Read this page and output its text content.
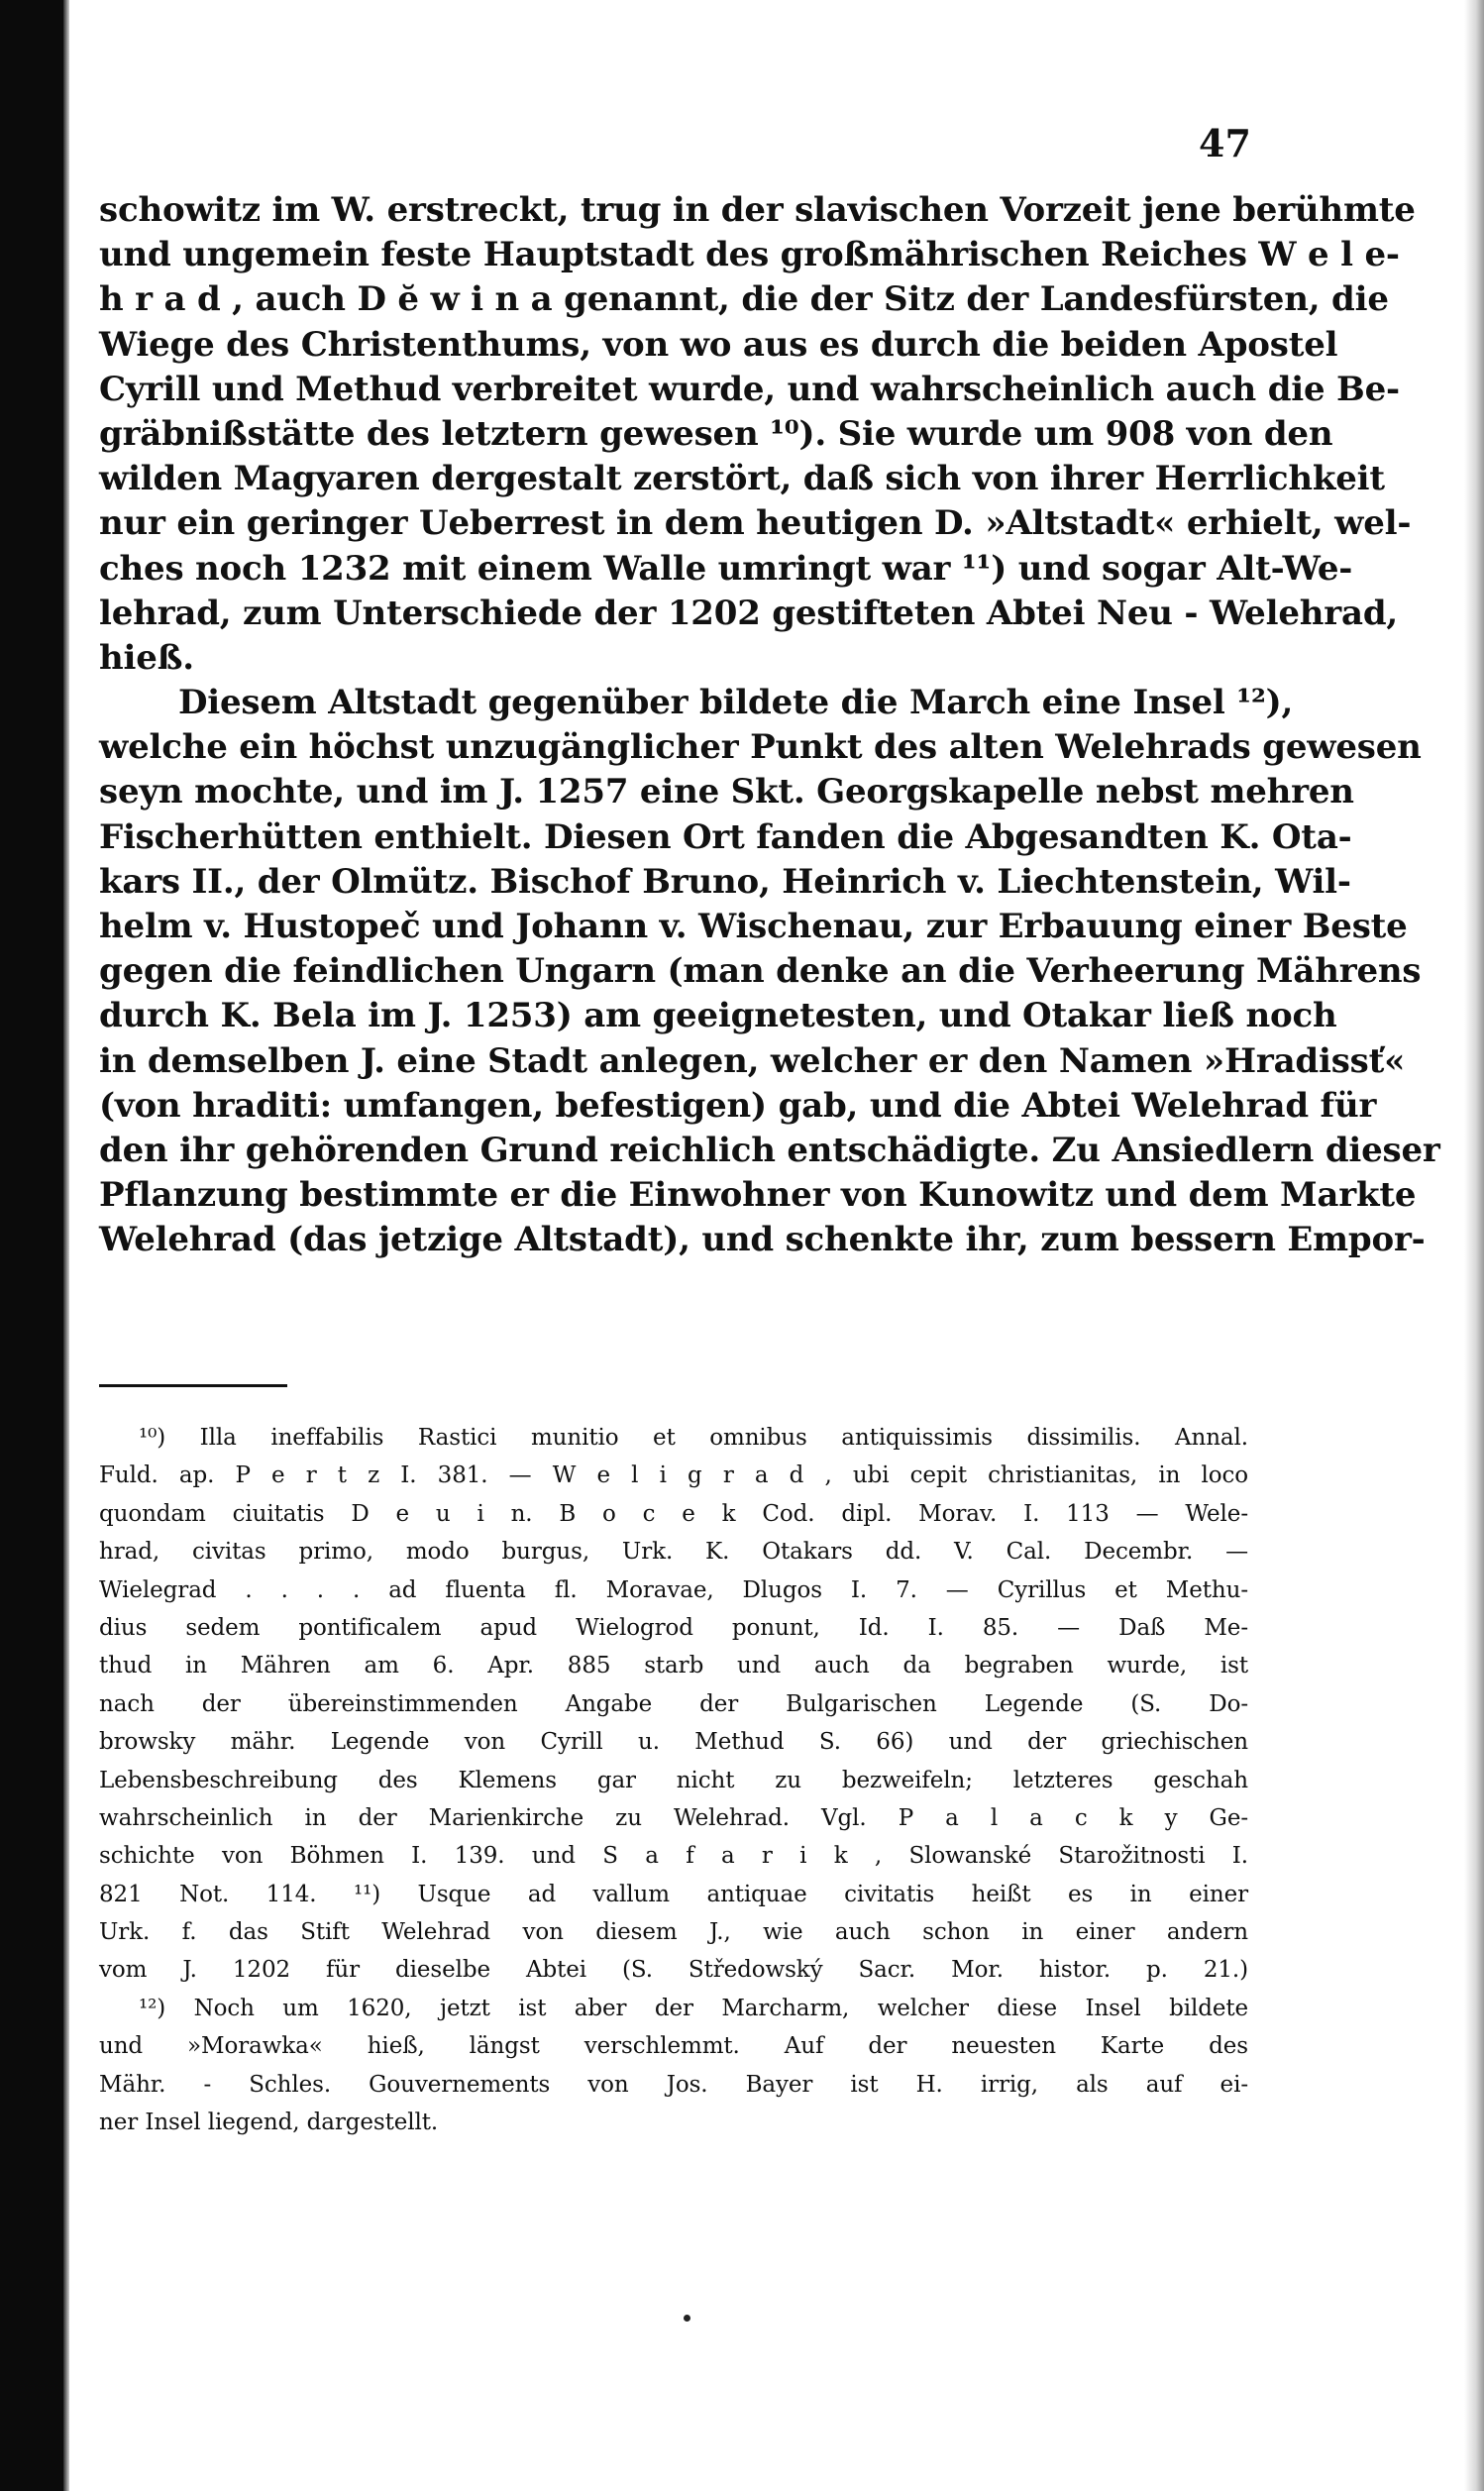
47
schowitz im W. erstreckt, trug in der slavischen Vorzeit jene berühmte
und ungemein feste Hauptstadt des großmährischen Reiches W e l e-
h r a d , auch D ĕ w i n a genannt, die der Sitz der Landesfürsten, die
Wiege des Christenthums, von wo aus es durch die beiden Apostel
Cyrill und Methud verbreitet wurde, und wahrscheinlich auch die Be-
gräbnißstätte des letztern gewesen ¹⁰). Sie wurde um 908 von den
wilden Magyaren dergestalt zerstört, daß sich von ihrer Herrlichkeit
nur ein geringer Ueberrest in dem heutigen D. »Altstadt« erhielt, wel-
ches noch 1232 mit einem Walle umringt war ¹¹) und sogar Alt-We-
lehrad, zum Unterschiede der 1202 gestifteten Abtei Neu - Welehrad,
hieß.
Diesem Altstadt gegenüber bildete die March eine Insel ¹²),
welche ein höchst unzugänglicher Punkt des alten Welehrads gewesen
seyn mochte, und im J. 1257 eine Skt. Georgskapelle nebst mehren
Fischerhütten enthielt. Diesen Ort fanden die Abgesandten K. Ota-
kars II., der Olmütz. Bischof Bruno, Heinrich v. Liechtenstein, Wil-
helm v. Hustopeč und Johann v. Wischenau, zur Erbauung einer Beste
gegen die feindlichen Ungarn (man denke an die Verheerung Mährens
durch K. Bela im J. 1253) am geeignetesten, und Otakar ließ noch
in demselben J. eine Stadt anlegen, welcher er den Namen »Hradissť«
(von hraditi: umfangen, befestigen) gab, und die Abtei Welehrad für
den ihr gehörenden Grund reichlich entschädigte. Zu Ansiedlern dieser
Pflanzung bestimmte er die Einwohner von Kunowitz und dem Markte
Welehrad (das jetzige Altstadt), und schenkte ihr, zum bessern Empor-
¹⁰) Illa ineffabilis Rastici munitio et omnibus antiquissimis dissimilis. Annal.
Fuld. ap. P e r t z I. 381. — W e l i g r a d , ubi cepit christianitas, in loco
quondam ciuitatis D e u i n. B o c e k Cod. dipl. Morav. I. 113 — Wele-
hrad, civitas primo, modo burgus, Urk. K. Otakars dd. V. Cal. Decembr. —
Wielegrad . . . . ad fluenta fl. Moravae, Dlugos I. 7. — Cyrillus et Methu-
dius sedem pontificalem apud Wielogrod ponunt, Id. I. 85. — Daß Me-
thud in Mähren am 6. Apr. 885 starb und auch da begraben wurde, ist
nach der übereinstimmenden Angabe der Bulgarischen Legende (S. Do-
browsky mähr. Legende von Cyrill u. Methud S. 66) und der griechischen
Lebensbeschreibung des Klemens gar nicht zu bezweifeln; letzteres geschah
wahrscheinlich in der Marienkirche zu Welehrad. Vgl. P a l a c k y Ge-
schichte von Böhmen I. 139. und S a f a r i k , Slowanské Starožitnosti I.
821 Not. 114. ¹¹) Usque ad vallum antiquae civitatis heißt es in einer
Urk. f. das Stift Welehrad von diesem J., wie auch schon in einer andern
vom J. 1202 für dieselbe Abtei (S. Středowský Sacr. Mor. histor. p. 21.)
¹²) Noch um 1620, jetzt ist aber der Marcharm, welcher diese Insel bildete
und »Morawka« hieß, längst verschlemmt. Auf der neuesten Karte des
Mähr. - Schles. Gouvernements von Jos. Bayer ist H. irrig, als auf ei-
ner Insel liegend, dargestellt.
